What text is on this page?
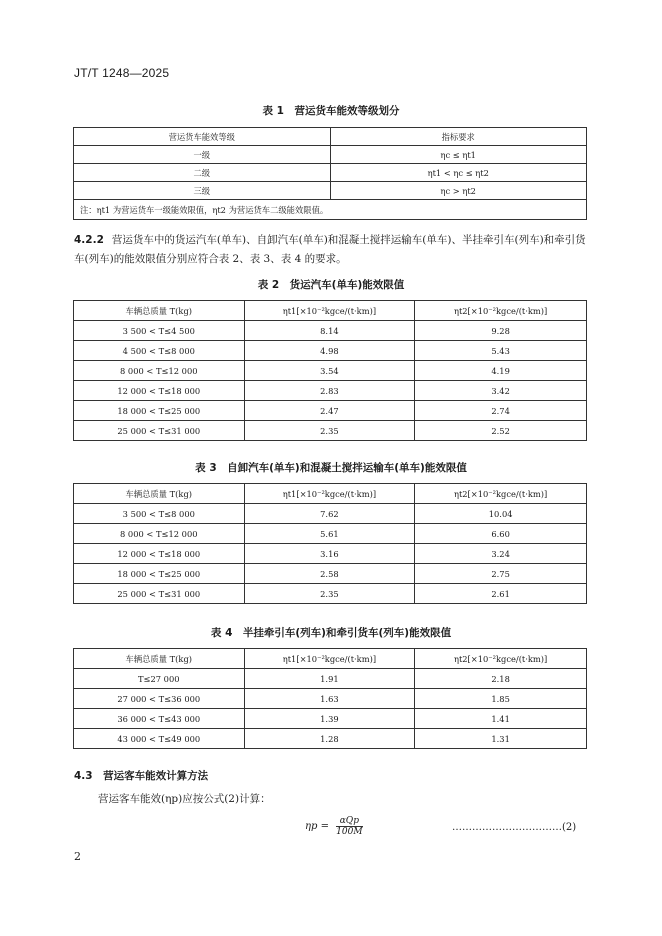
JT/T 1248—2025
表 1　营运货车能效等级划分
营运货车能效等级	指标要求
一级	ηc ≤ ηt1
二级	ηt1 < ηc ≤ ηt2
三级	ηc > ηt2
注：ηt1 为营运货车一级能效限值，ηt2 为营运货车二级能效限值。	
4.2.2 营运货车中的货运汽车(单车)、自卸汽车(单车)和混凝土搅拌运输车(单车)、半挂牵引车(列车)和牵引货车(列车)的能效限值分别应符合表 2、表 3、表 4 的要求。
表 2　货运汽车(单车)能效限值
车辆总质量 T(kg)	ηt1[×10⁻²kgce/(t·km)]	ηt2[×10⁻²kgce/(t·km)]
3 500 < T≤4 500	8.14	9.28
4 500 < T≤8 000	4.98	5.43
8 000 < T≤12 000	3.54	4.19
12 000 < T≤18 000	2.83	3.42
18 000 < T≤25 000	2.47	2.74
25 000 < T≤31 000	2.35	2.52
表 3　自卸汽车(单车)和混凝土搅拌运输车(单车)能效限值
车辆总质量 T(kg)	ηt1[×10⁻²kgce/(t·km)]	ηt2[×10⁻²kgce/(t·km)]
3 500 < T≤8 000	7.62	10.04
8 000 < T≤12 000	5.61	6.60
12 000 < T≤18 000	3.16	3.24
18 000 < T≤25 000	2.58	2.75
25 000 < T≤31 000	2.35	2.61
表 4　半挂牵引车(列车)和牵引货车(列车)能效限值
车辆总质量 T(kg)	ηt1[×10⁻²kgce/(t·km)]	ηt2[×10⁻²kgce/(t·km)]
T≤27 000	1.91	2.18
27 000 < T≤36 000	1.63	1.85
36 000 < T≤43 000	1.39	1.41
43 000 < T≤49 000	1.28	1.31
4.3　营运客车能效计算方法
营运客车能效(ηp)应按公式(2)计算：
$\eta p = \frac{\text{αQp}}{100M}$	……………………………(2)
2
